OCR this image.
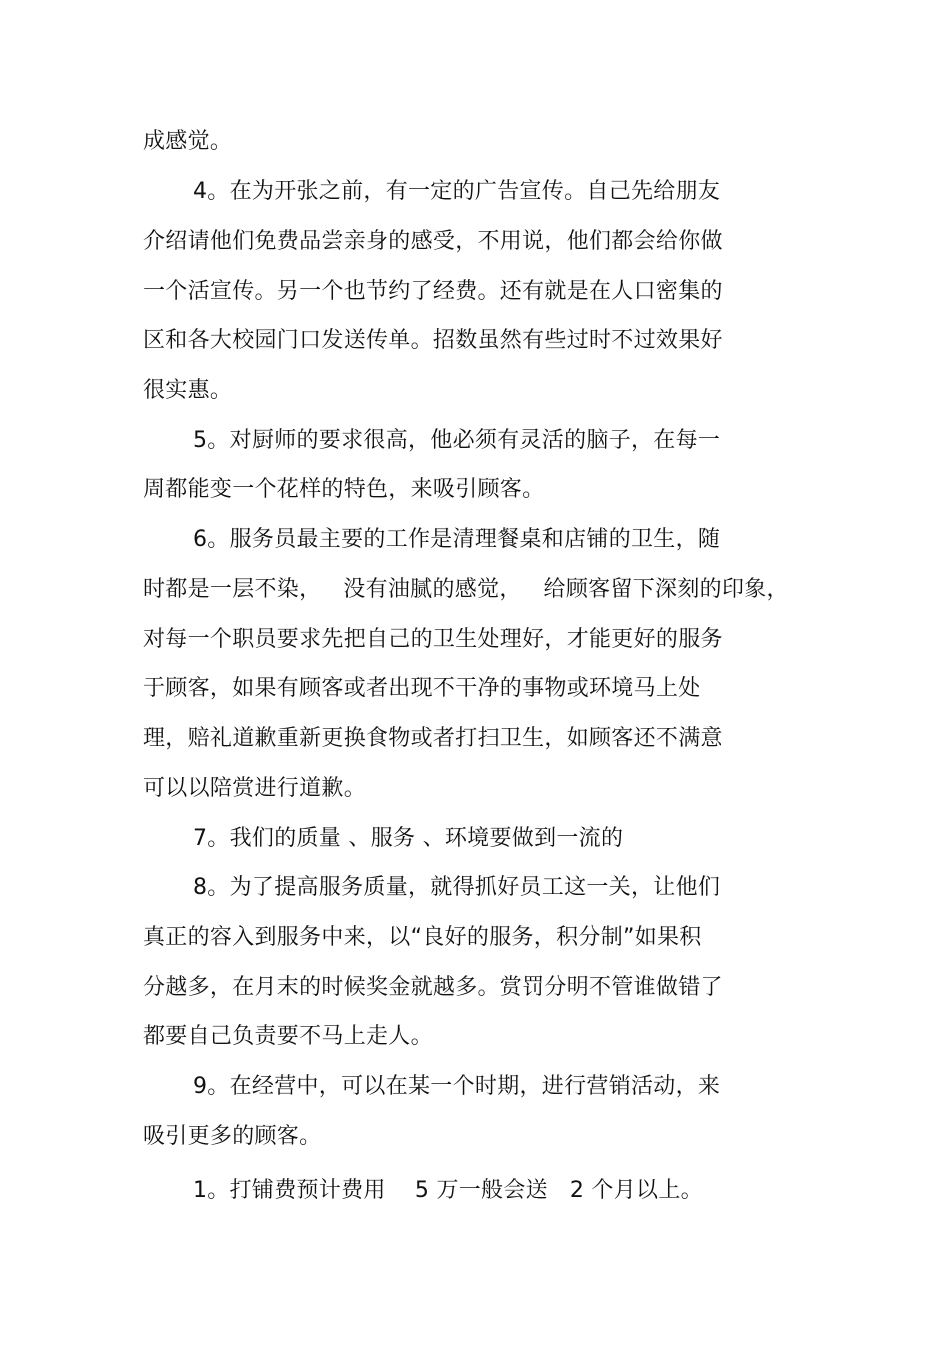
成感觉。
4。在为开张之前，有一定的广告宣传。自己先给朋友
介绍请他们免费品尝亲身的感受，不用说，他们都会给你做
一个活宣传。另一个也节约了经费。还有就是在人口密集的
区和各大校园门口发送传单。招数虽然有些过时不过效果好
很实惠。
5。对厨师的要求很高，他必须有灵活的脑子，在每一
周都能变一个花样的特色，来吸引顾客。
6。服务员最主要的工作是清理餐桌和店铺的卫生，随
时都是一层不染，   没有油腻的感觉，   给顾客留下深刻的印象，
对每一个职员要求先把自己的卫生处理好，才能更好的服务
于顾客，如果有顾客或者出现不干净的事物或环境马上处
理，赔礼道歉重新更换食物或者打扫卫生，如顾客还不满意
可以以陪赏进行道歉。
7。我们的质量 、服务 、环境要做到一流的
8。为了提高服务质量，就得抓好员工这一关，让他们
真正的容入到服务中来，以“良好的服务，积分制”如果积
分越多，在月末的时候奖金就越多。赏罚分明不管谁做错了
都要自己负责要不马上走人。
9。在经营中，可以在某一个时期，进行营销活动，来
吸引更多的顾客。
1。打铺费预计费用    5 万一般会送   2 个月以上。
